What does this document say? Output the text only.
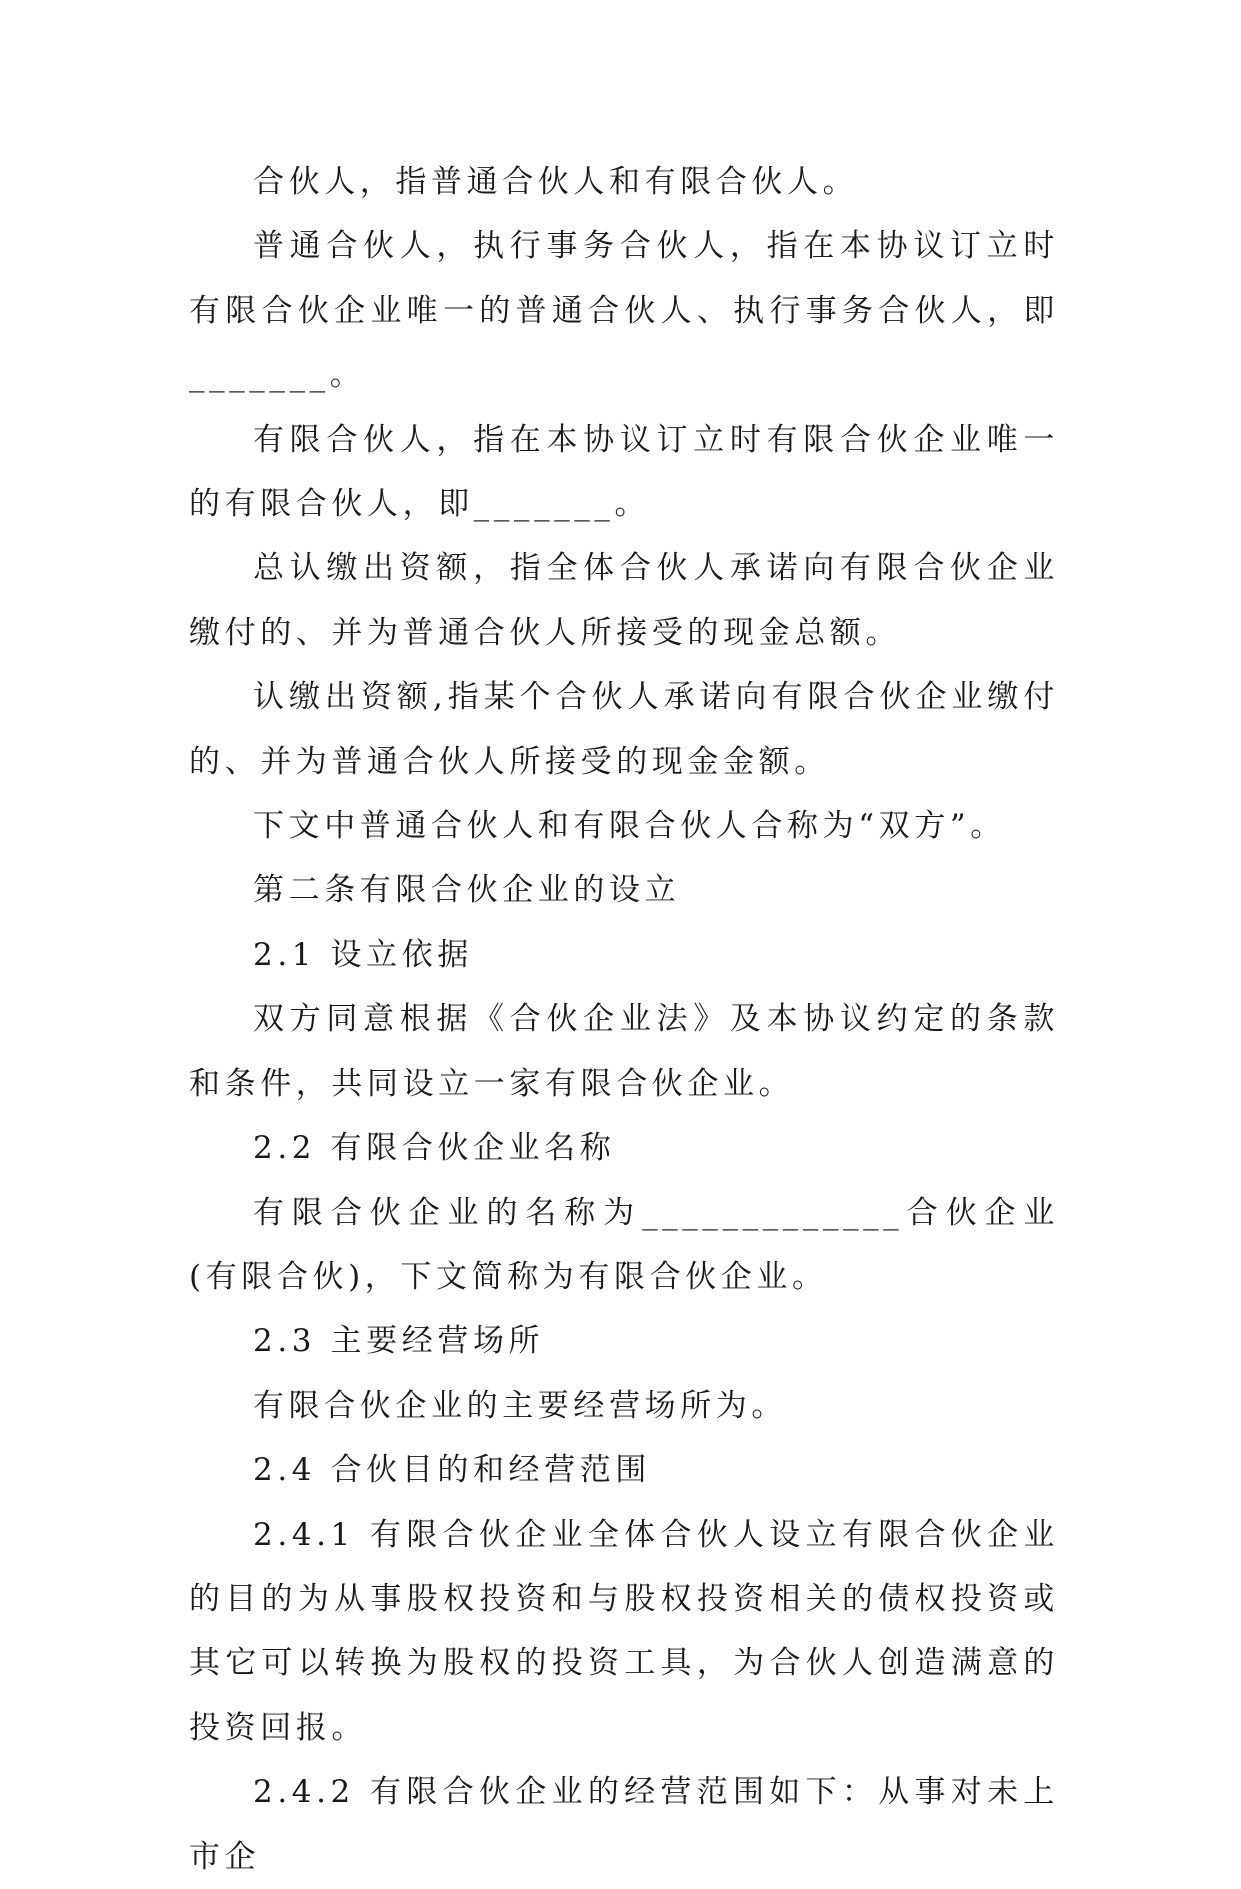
合伙人，指普通合伙人和有限合伙人。

普通合伙人，执行事务合伙人，指在本协议订立时有限合伙企业唯一的普通合伙人、执行事务合伙人，即_______。

有限合伙人，指在本协议订立时有限合伙企业唯一的有限合伙人，即_______。

总认缴出资额，指全体合伙人承诺向有限合伙企业缴付的、并为普通合伙人所接受的现金总额。

认缴出资额,指某个合伙人承诺向有限合伙企业缴付的、并为普通合伙人所接受的现金金额。

下文中普通合伙人和有限合伙人合称为“双方”。

第二条有限合伙企业的设立

2.1 设立依据

双方同意根据《合伙企业法》及本协议约定的条款和条件，共同设立一家有限合伙企业。

2.2 有限合伙企业名称

有限合伙企业的名称为_____________合伙企业(有限合伙)，下文简称为有限合伙企业。

2.3 主要经营场所

有限合伙企业的主要经营场所为。

2.4 合伙目的和经营范围

2.4.1 有限合伙企业全体合伙人设立有限合伙企业的目的为从事股权投资和与股权投资相关的债权投资或其它可以转换为股权的投资工具，为合伙人创造满意的投资回报。

2.4.2 有限合伙企业的经营范围如下：从事对未上市企
